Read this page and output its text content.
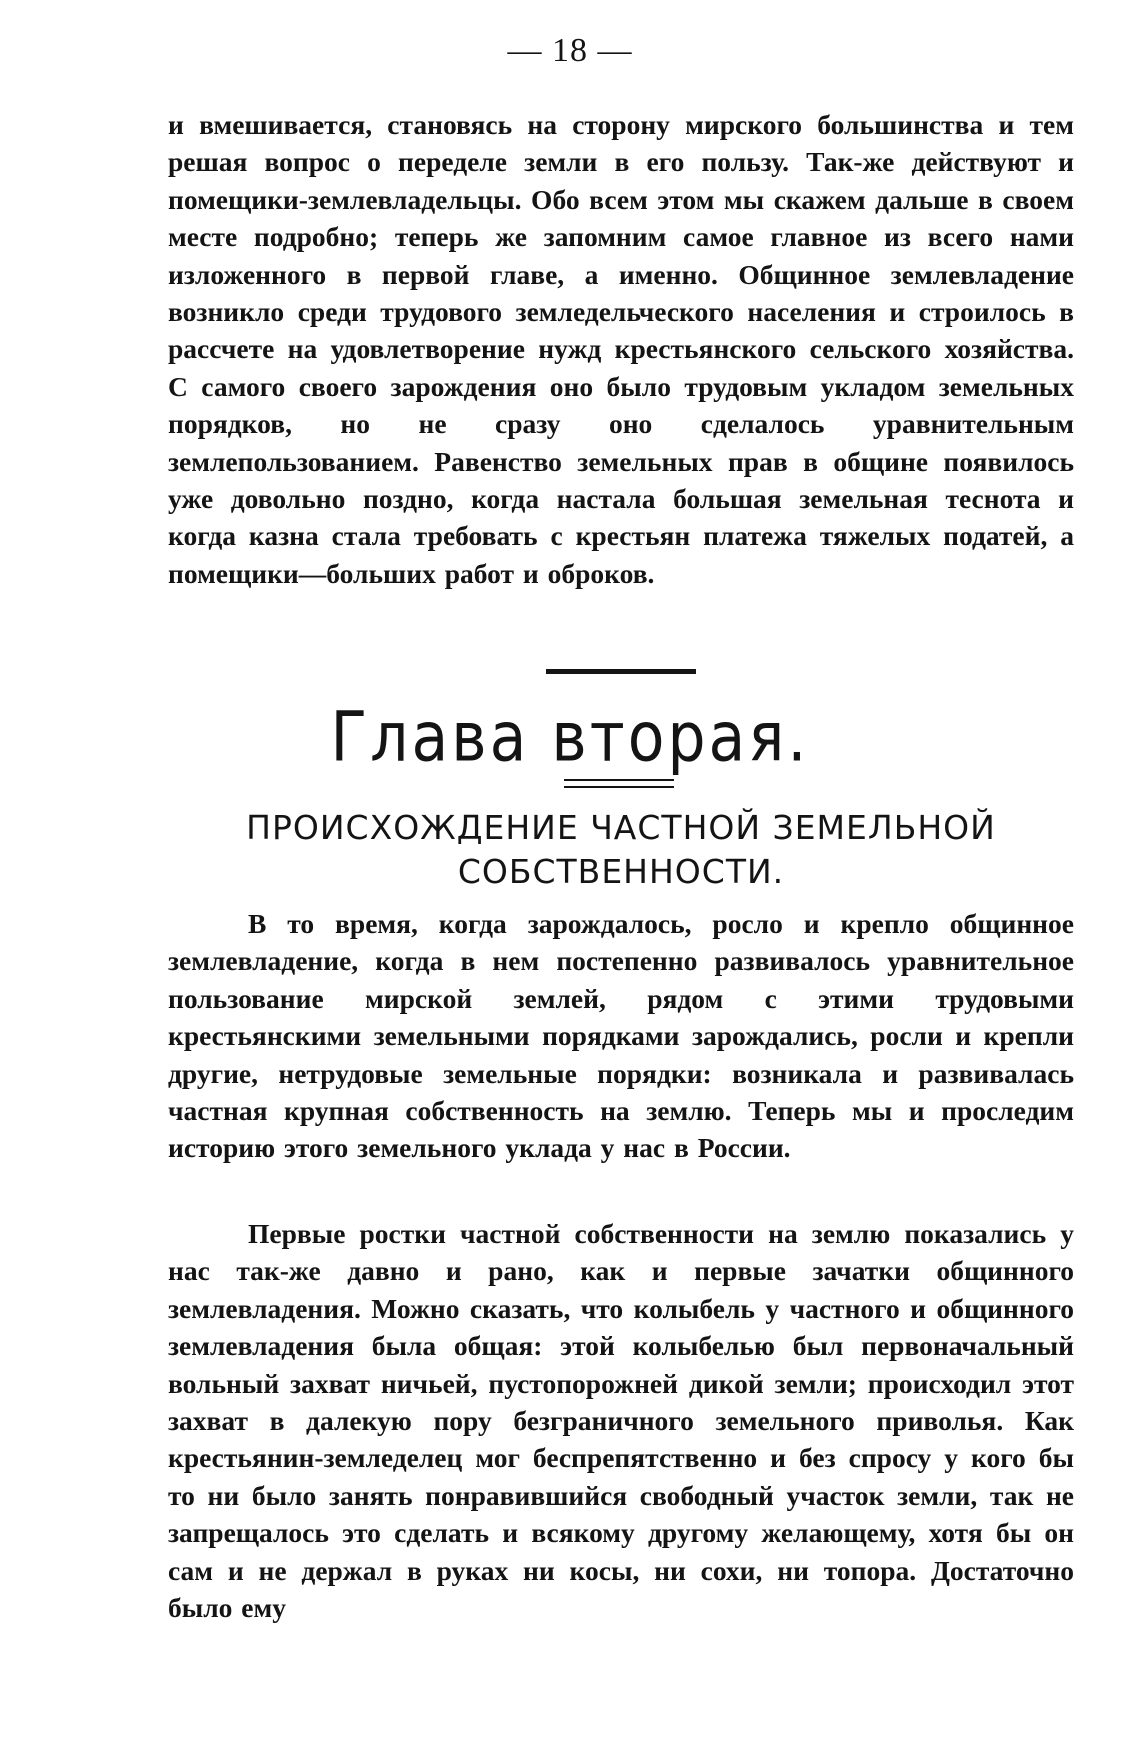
— 18 —

и вмешивается, становясь на сторону мирского большинства и тем решая вопрос о переделе земли в его пользу. Так-же действуют и помещики-землевладельцы. Обо всем этом мы скажем дальше в своем месте подробно; теперь же запомним самое главное из всего нами изложенного в первой главе, а именно. Общинное землевладение возникло среди трудового земледельческого населения и строилось в рассчете на удовлетворение нужд крестьянского сельского хозяйства. С самого своего зарождения оно было трудовым укладом земельных порядков, но не сразу оно сделалось уравнительным землепользованием. Равенство земельных прав в общине появилось уже довольно поздно, когда настала большая земельная теснота и когда казна стала требовать с крестьян платежа тяжелых податей, а помещики—больших работ и оброков.

Глава вторая.

ПРОИСХОЖДЕНИЕ ЧАСТНОЙ ЗЕМЕЛЬНОЙ СОБСТВЕННОСТИ.

В то время, когда зарождалось, росло и крепло общинное землевладение, когда в нем постепенно развивалось уравнительное пользование мирской землей, рядом с этими трудовыми крестьянскими земельными порядками зарождались, росли и крепли другие, нетрудовые земельные порядки: возникала и развивалась частная крупная собственность на землю. Теперь мы и проследим историю этого земельного уклада у нас в России.

Первые ростки частной собственности на землю показались у нас так-же давно и рано, как и первые зачатки общинного землевладения. Можно сказать, что колыбель у частного и общинного землевладения была общая: этой колыбелью был первоначальный вольный захват ничьей, пустопорожней дикой земли; происходил этот захват в далекую пору безграничного земельного приволья. Как крестьянин-земледелец мог беспрепятственно и без спросу у кого бы то ни было занять понравившийся свободный участок земли, так не запрещалось это сделать и всякому другому желающему, хотя бы он сам и не держал в руках ни косы, ни сохи, ни топора. Достаточно было ему
